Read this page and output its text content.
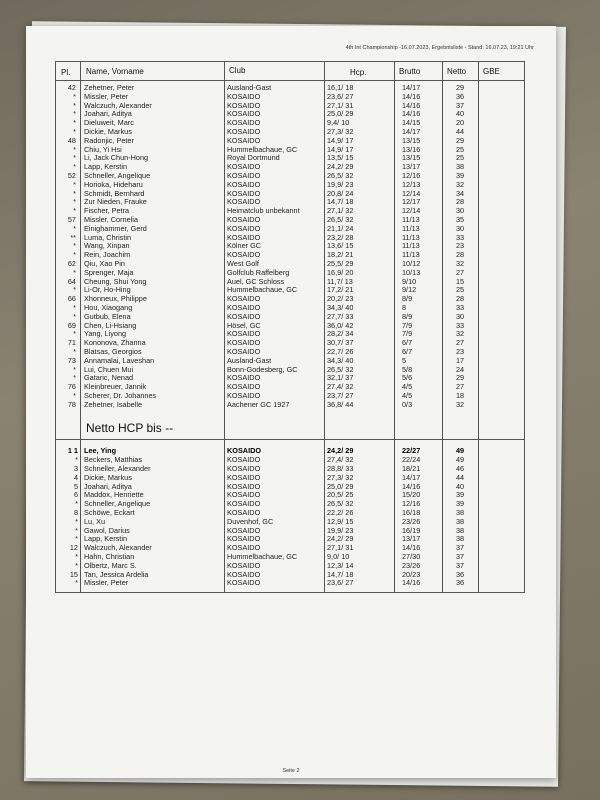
4th Int Championship -16.07.2023, Ergebnisliste - Stand: 16.07.23, 19:21 Uhr
Pl. Name, Vorname	Club	Hcp.	Brutto	Netto GBE
42 Zehetner, Peter	Ausland-Gast	16,1/ 18	14/17	29
* Missler, Peter	KOSAIDO	23,6/ 27	14/16	36
* Walczuch, Alexander	KOSAIDO	27,1/ 31	14/16	37
* Joahari, Aditya	KOSAIDO	25,0/ 29	14/16	40
* Dieluweit, Marc	KOSAIDO	9,4/ 10	14/15	20
* Dickie, Markus	KOSAIDO	27,3/ 32	14/17	44
48 Radonjic, Peter	KOSAIDO	14,9/ 17	13/15	29
* Chiu, Yi Hsi	Hummelbachaue, GC	14,9/ 17	13/16	25
* Li, Jack Chun-Hong	Royal Dortmund	13,5/ 15	13/15	25
* Lapp, Kerstin	KOSAIDO	24,2/ 29	13/17	38
52 Schneller, Angelique	KOSAIDO	26,5/ 32	12/16	39
* Horioka, Hideharu	KOSAIDO	19,9/ 23	12/13	32
* Schmidt, Bernhard	KOSAIDO	20,8/ 24	12/14	34
* Zur Nieden, Frauke	KOSAIDO	14,7/ 18	12/17	28
* Fischer, Petra	Heimatclub unbekannt	27,1/ 32	12/14	30
57 Missler, Cornelia	KOSAIDO	26,5/ 32	11/13	35
* Einighammer, Gerd	KOSAIDO	21,1/ 24	11/13	30
** Luma, Christin	KOSAIDO	23,2/ 28	11/13	33
* Wang, Xinpan	Kölner GC	13,6/ 15	11/13	23
* Rein, Joachim	KOSAIDO	18,2/ 21	11/13	28
62 Qiu, Xao Pin	West Golf	25,5/ 29	10/12	32
* Sprenger, Maja	Golfclub Raffelberg	16,9/ 20	10/13	27
64 Cheung, Shui Yong	Auel, GC Schloss	11,7/ 13	9/10	15
* Li-Or, Ho-Hing	Hummelbachaue, GC	17,2/ 21	9/12	25
66 Xhonneux, Philippe	KOSAIDO	20,2/ 23	8/9	28
* Hou, Xiaogang	KOSAIDO	34,3/ 40	8	33
* Gutbub, Elena	KOSAIDO	27,7/ 33	8/9	30
69 Chen, Li-Hsiang	Hösel, GC	36,0/ 42	7/9	33
* Yang, Liyong	KOSAIDO	28,2/ 34	7/9	32
71 Kononova, Zhanna	KOSAIDO	30,7/ 37	6/7	27
* Blatsas, Georgios	KOSAIDO	22,7/ 26	6/7	23
73 Annamalai, Laveshan	Ausland-Gast	34,3/ 40	5	17
* Lui, Chuen Mui	Bonn-Godesberg, GC	26,5/ 32	5/8	24
* Gataric, Nenad	KOSAIDO	32,1/ 37	5/6	29
76 Kleinbreuer, Jannik	KOSAIDO	27,4/ 32	4/5	27
* Scherer, Dr. Johannes	KOSAIDO	23,7/ 27	4/5	18
78 Zehetner, Isabelle	Aachener GC 1927	36,8/ 44	0/3	32
Netto HCP bis --
1 1 Lee, Ying	KOSAIDO	24,2/ 29	22/27	49
* Beckers, Matthias	KOSAIDO	27,4/ 32	22/24	49
3 Schneller, Alexander	KOSAIDO	28,8/ 33	18/21	46
4 Dickie, Markus	KOSAIDO	27,3/ 32	14/17	44
5 Joahari, Aditya	KOSAIDO	25,0/ 29	14/16	40
6 Maddox, Henriette	KOSAIDO	20,5/ 25	15/20	39
* Schneller, Angelique	KOSAIDO	26,5/ 32	12/16	39
8 Schöwe, Eckart	KOSAIDO	22,2/ 26	16/18	38
* Lu, Xu	Duvenhof, GC	12,9/ 15	23/26	38
* Gawol, Darius	KOSAIDO	19,9/ 23	16/19	38
* Lapp, Kerstin	KOSAIDO	24,2/ 29	13/17	38
12 Walczuch, Alexander	KOSAIDO	27,1/ 31	14/16	37
* Hahn, Christian	Hummelbachaue, GC	9,0/ 10	27/30	37
* Olbertz, Marc S.	KOSAIDO	12,3/ 14	23/26	37
15 Tan, Jessica Ardelia	KOSAIDO	14,7/ 18	20/23	36
* Missler, Peter	KOSAIDO	23,6/ 27	14/16	36
Seite 2
